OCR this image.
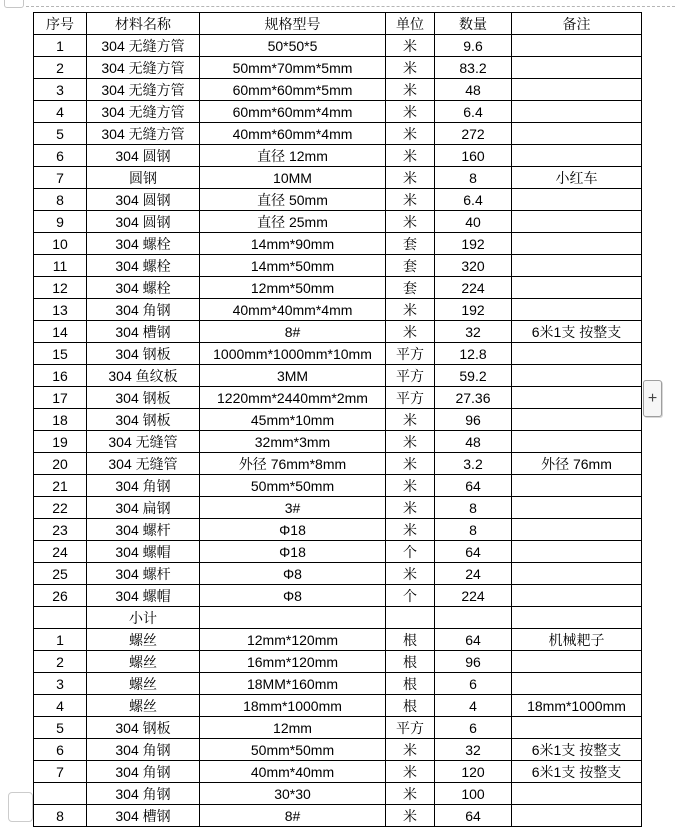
序号	材料名称	规格型号	单位	数量	备注
1	304 无缝方管	50*50*5	米	9.6	
2	304 无缝方管	50mm*70mm*5mm	米	83.2	
3	304 无缝方管	60mm*60mm*5mm	米	48	
4	304 无缝方管	60mm*60mm*4mm	米	6.4	
5	304 无缝方管	40mm*60mm*4mm	米	272	
6	304 圆钢	直径 12mm	米	160	
7	圆钢	10MM	米	8	小红车
8	304 圆钢	直径 50mm	米	6.4	
9	304 圆钢	直径 25mm	米	40	
10	304 螺栓	14mm*90mm	套	192	
11	304 螺栓	14mm*50mm	套	320	
12	304 螺栓	12mm*50mm	套	224	
13	304 角钢	40mm*40mm*4mm	米	192	
14	304 槽钢	8#	米	32	6米1支 按整支
15	304 钢板	1000mm*1000mm*10mm	平方	12.8	
16	304 鱼纹板	3MM	平方	59.2	
17	304 钢板	1220mm*2440mm*2mm	平方	27.36	
18	304 钢板	45mm*10mm	米	96	
19	304 无缝管	32mm*3mm	米	48	
20	304 无缝管	外径 76mm*8mm	米	3.2	外径 76mm
21	304 角钢	50mm*50mm	米	64	
22	304 扁钢	3#	米	8	
23	304 螺杆	Φ18	米	8	
24	304 螺帽	Φ18	个	64	
25	304 螺杆	Φ8	米	24	
26	304 螺帽	Φ8	个	224	
	小计				
1	螺丝	12mm*120mm	根	64	机械耙子
2	螺丝	16mm*120mm	根	96	
3	螺丝	18MM*160mm	根	6	
4	螺丝	18mm*1000mm	根	4	18mm*1000mm
5	304 钢板	12mm	平方	6	
6	304 角钢	50mm*50mm	米	32	6米1支 按整支
7	304 角钢	40mm*40mm	米	120	6米1支 按整支
	304 角钢	30*30	米	100	
8	304 槽钢	8#	米	64	
+
